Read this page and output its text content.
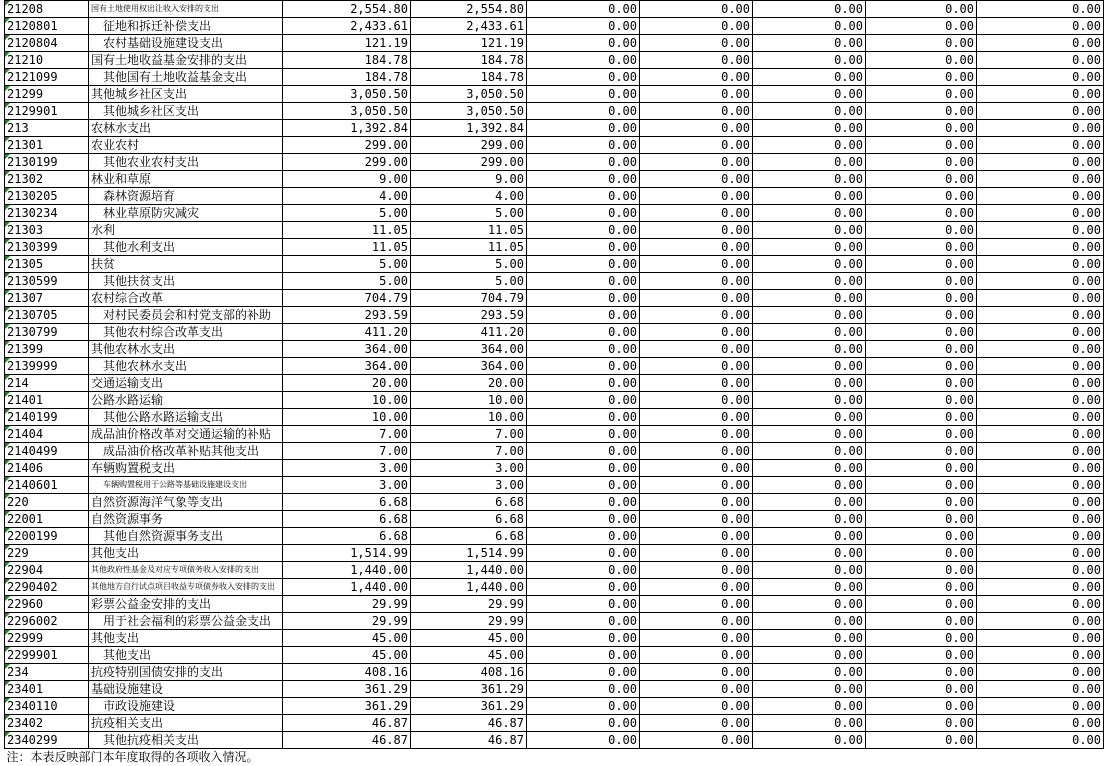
21208	国有土地使用权出让收入安排的支出	2,554.80	2,554.80	0.00	0.00	0.00	0.00	0.00
2120801	征地和拆迁补偿支出	2,433.61	2,433.61	0.00	0.00	0.00	0.00	0.00
2120804	农村基础设施建设支出	121.19	121.19	0.00	0.00	0.00	0.00	0.00
21210	国有土地收益基金安排的支出	184.78	184.78	0.00	0.00	0.00	0.00	0.00
2121099	其他国有土地收益基金支出	184.78	184.78	0.00	0.00	0.00	0.00	0.00
21299	其他城乡社区支出	3,050.50	3,050.50	0.00	0.00	0.00	0.00	0.00
2129901	其他城乡社区支出	3,050.50	3,050.50	0.00	0.00	0.00	0.00	0.00
213	农林水支出	1,392.84	1,392.84	0.00	0.00	0.00	0.00	0.00
21301	农业农村	299.00	299.00	0.00	0.00	0.00	0.00	0.00
2130199	其他农业农村支出	299.00	299.00	0.00	0.00	0.00	0.00	0.00
21302	林业和草原	9.00	9.00	0.00	0.00	0.00	0.00	0.00
2130205	森林资源培育	4.00	4.00	0.00	0.00	0.00	0.00	0.00
2130234	林业草原防灾减灾	5.00	5.00	0.00	0.00	0.00	0.00	0.00
21303	水利	11.05	11.05	0.00	0.00	0.00	0.00	0.00
2130399	其他水利支出	11.05	11.05	0.00	0.00	0.00	0.00	0.00
21305	扶贫	5.00	5.00	0.00	0.00	0.00	0.00	0.00
2130599	其他扶贫支出	5.00	5.00	0.00	0.00	0.00	0.00	0.00
21307	农村综合改革	704.79	704.79	0.00	0.00	0.00	0.00	0.00
2130705	对村民委员会和村党支部的补助	293.59	293.59	0.00	0.00	0.00	0.00	0.00
2130799	其他农村综合改革支出	411.20	411.20	0.00	0.00	0.00	0.00	0.00
21399	其他农林水支出	364.00	364.00	0.00	0.00	0.00	0.00	0.00
2139999	其他农林水支出	364.00	364.00	0.00	0.00	0.00	0.00	0.00
214	交通运输支出	20.00	20.00	0.00	0.00	0.00	0.00	0.00
21401	公路水路运输	10.00	10.00	0.00	0.00	0.00	0.00	0.00
2140199	其他公路水路运输支出	10.00	10.00	0.00	0.00	0.00	0.00	0.00
21404	成品油价格改革对交通运输的补贴	7.00	7.00	0.00	0.00	0.00	0.00	0.00
2140499	成品油价格改革补贴其他支出	7.00	7.00	0.00	0.00	0.00	0.00	0.00
21406	车辆购置税支出	3.00	3.00	0.00	0.00	0.00	0.00	0.00
2140601	车辆购置税用于公路等基础设施建设支出	3.00	3.00	0.00	0.00	0.00	0.00	0.00
220	自然资源海洋气象等支出	6.68	6.68	0.00	0.00	0.00	0.00	0.00
22001	自然资源事务	6.68	6.68	0.00	0.00	0.00	0.00	0.00
2200199	其他自然资源事务支出	6.68	6.68	0.00	0.00	0.00	0.00	0.00
229	其他支出	1,514.99	1,514.99	0.00	0.00	0.00	0.00	0.00
22904	其他政府性基金及对应专项债务收入安排的支出	1,440.00	1,440.00	0.00	0.00	0.00	0.00	0.00
2290402	其他地方自行试点项目收益专项债券收入安排的支出	1,440.00	1,440.00	0.00	0.00	0.00	0.00	0.00
22960	彩票公益金安排的支出	29.99	29.99	0.00	0.00	0.00	0.00	0.00
2296002	用于社会福利的彩票公益金支出	29.99	29.99	0.00	0.00	0.00	0.00	0.00
22999	其他支出	45.00	45.00	0.00	0.00	0.00	0.00	0.00
2299901	其他支出	45.00	45.00	0.00	0.00	0.00	0.00	0.00
234	抗疫特别国债安排的支出	408.16	408.16	0.00	0.00	0.00	0.00	0.00
23401	基础设施建设	361.29	361.29	0.00	0.00	0.00	0.00	0.00
2340110	市政设施建设	361.29	361.29	0.00	0.00	0.00	0.00	0.00
23402	抗疫相关支出	46.87	46.87	0.00	0.00	0.00	0.00	0.00
2340299	其他抗疫相关支出	46.87	46.87	0.00	0.00	0.00	0.00	0.00
注：本表反映部门本年度取得的各项收入情况。								
